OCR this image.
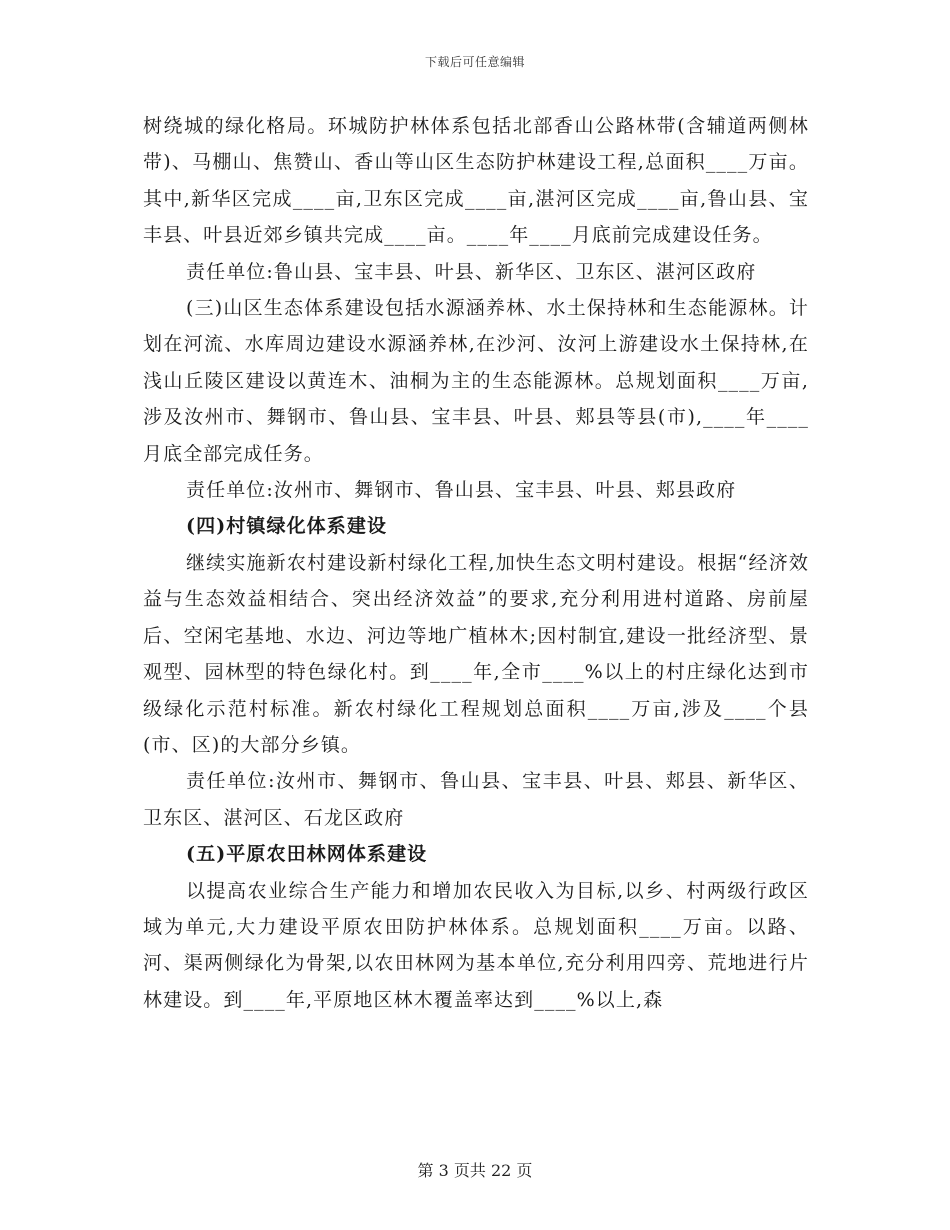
下载后可任意编辑

树绕城的绿化格局。环城防护林体系包括北部香山公路林带(含辅道两侧林带)、马棚山、焦赞山、香山等山区生态防护林建设工程,总面积____万亩。其中,新华区完成____亩,卫东区完成____亩,湛河区完成____亩,鲁山县、宝丰县、叶县近郊乡镇共完成____亩。____年____月底前完成建设任务。

责任单位:鲁山县、宝丰县、叶县、新华区、卫东区、湛河区政府

(三)山区生态体系建设包括水源涵养林、水土保持林和生态能源林。计划在河流、水库周边建设水源涵养林,在沙河、汝河上游建设水土保持林,在浅山丘陵区建设以黄连木、油桐为主的生态能源林。总规划面积____万亩,涉及汝州市、舞钢市、鲁山县、宝丰县、叶县、郏县等县(市),____年____月底全部完成任务。

责任单位:汝州市、舞钢市、鲁山县、宝丰县、叶县、郏县政府

(四)村镇绿化体系建设

继续实施新农村建设新村绿化工程,加快生态文明村建设。根据“经济效益与生态效益相结合、突出经济效益”的要求,充分利用进村道路、房前屋后、空闲宅基地、水边、河边等地广植林木;因村制宜,建设一批经济型、景观型、园林型的特色绿化村。到____年,全市____%以上的村庄绿化达到市级绿化示范村标准。新农村绿化工程规划总面积____万亩,涉及____个县(市、区)的大部分乡镇。

责任单位:汝州市、舞钢市、鲁山县、宝丰县、叶县、郏县、新华区、卫东区、湛河区、石龙区政府

(五)平原农田林网体系建设

以提高农业综合生产能力和增加农民收入为目标,以乡、村两级行政区域为单元,大力建设平原农田防护林体系。总规划面积____万亩。以路、河、渠两侧绿化为骨架,以农田林网为基本单位,充分利用四旁、荒地进行片林建设。到____年,平原地区林木覆盖率达到____%以上,森

第 3 页共 22 页
